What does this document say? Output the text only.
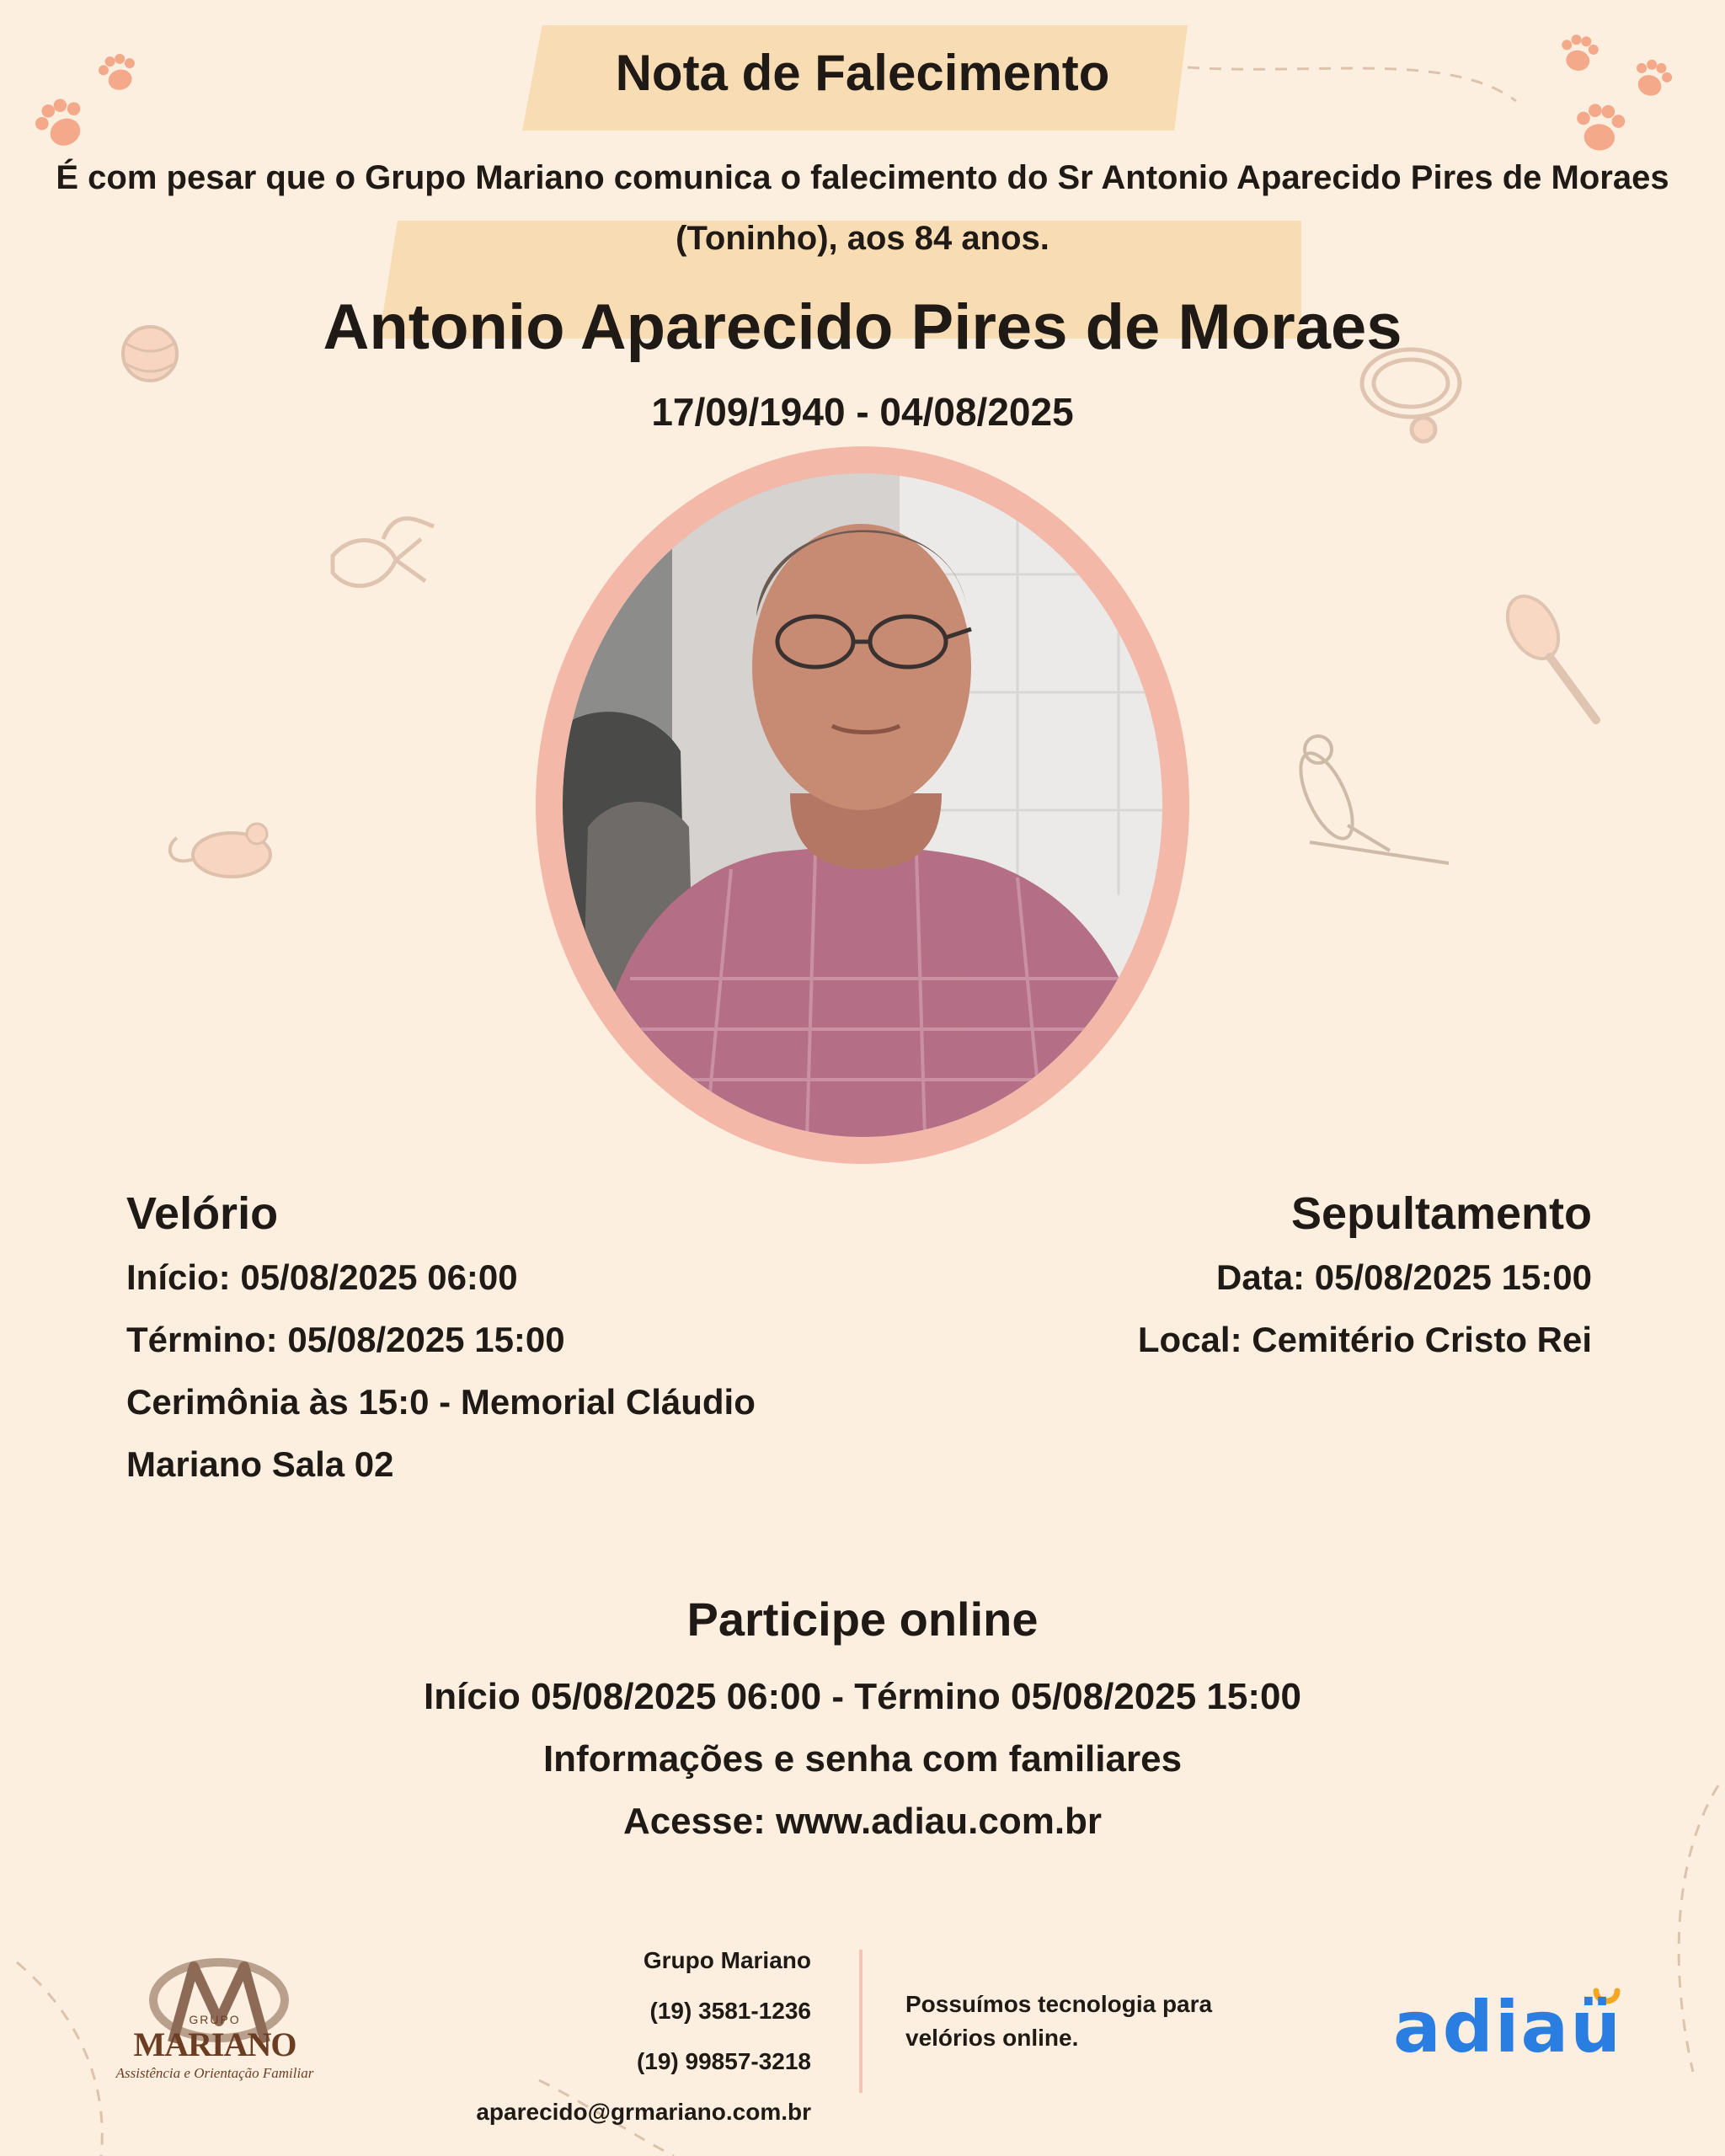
Nota de Falecimento
É com pesar que o Grupo Mariano comunica o falecimento do Sr Antonio Aparecido Pires de Moraes
(Toninho), aos 84 anos.
Antonio Aparecido Pires de Moraes
17/09/1940 - 04/08/2025
Velório
Início: 05/08/2025 06:00
Término: 05/08/2025 15:00
Cerimônia às 15:0 - Memorial Cláudio
Mariano Sala 02
Sepultamento
Data: 05/08/2025 15:00
Local: Cemitério Cristo Rei
Participe online
Início 05/08/2025 06:00 - Término 05/08/2025 15:00
Informações e senha com familiares
Acesse: www.adiau.com.br
GRUPO
MARIANO
Assistência e Orientação Familiar
Grupo Mariano
(19) 3581-1236
(19) 99857-3218
aparecido@grmariano.com.br
Possuímos tecnologia para velórios online.	adiaü
